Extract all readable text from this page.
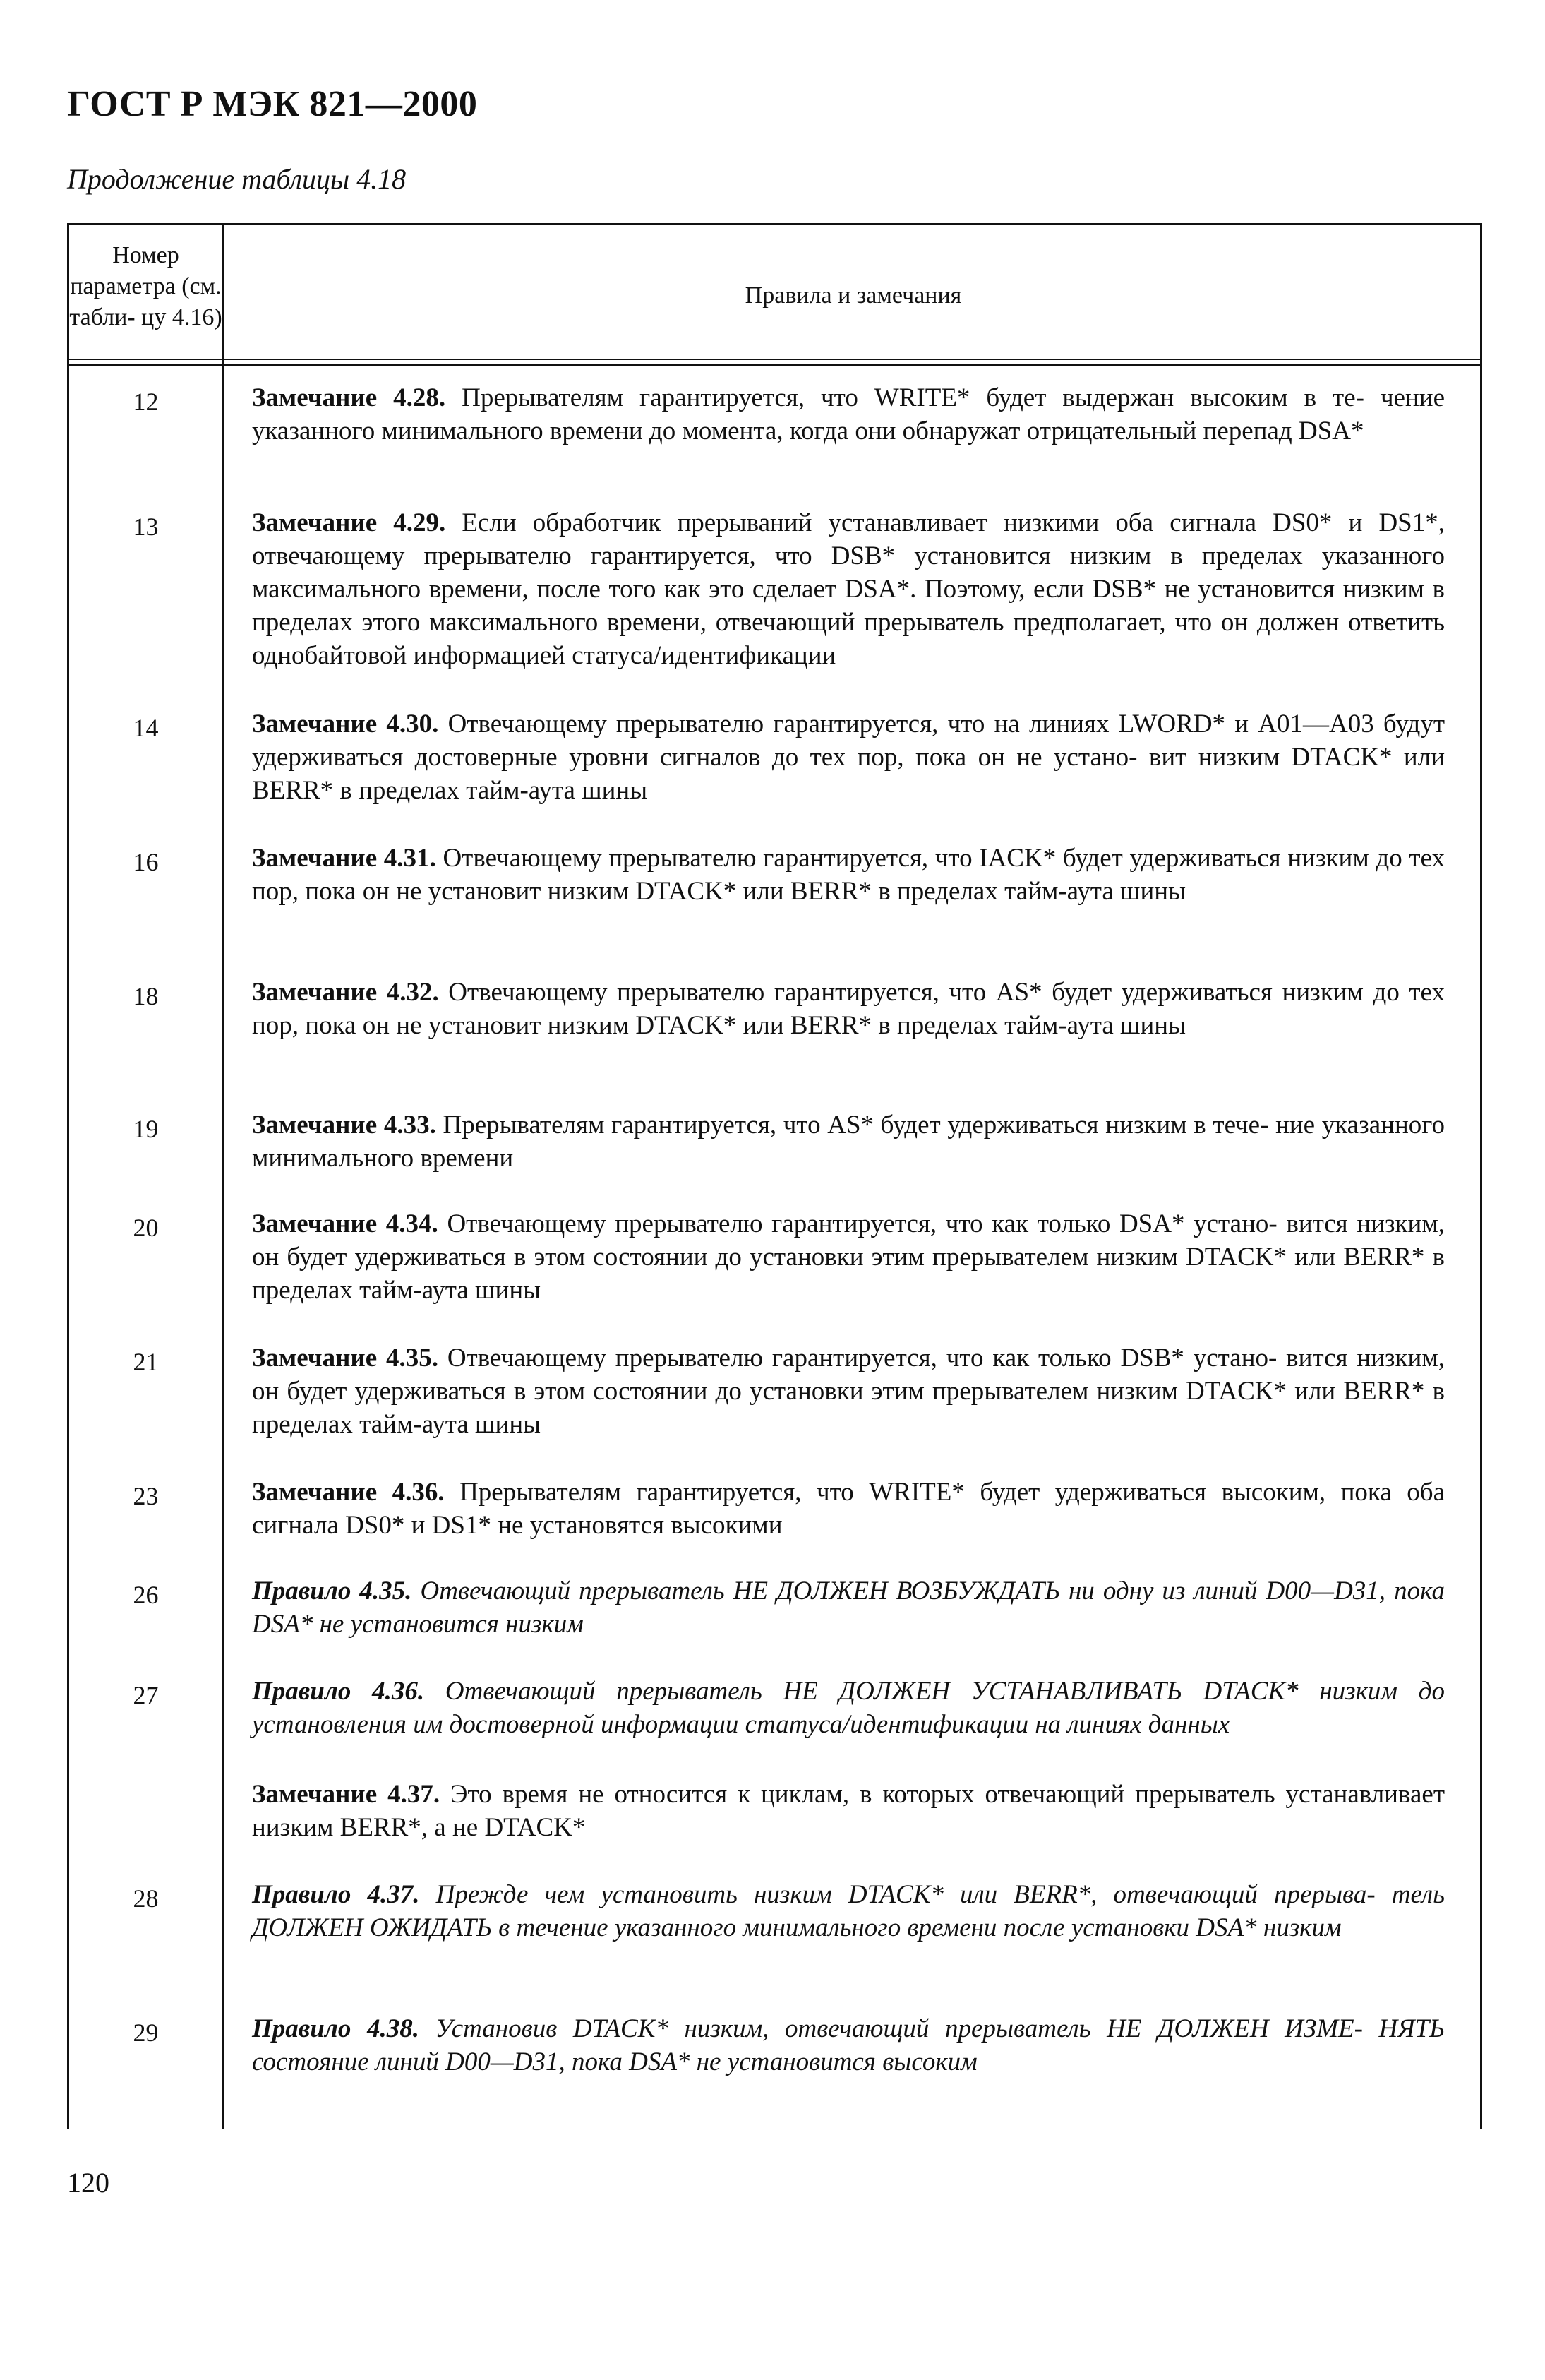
ГОСТ Р МЭК 821—2000
Продолжение таблицы 4.18
Номер параметра (см. табли- цу 4.16)
Правила и замечания
12	Замечание 4.28. Прерывателям гарантируется, что WRITE* будет выдержан высоким в те- чение указанного минимального времени до момента, когда они обнаружат отрицательный перепад DSA*
13	Замечание 4.29. Если обработчик прерываний устанавливает низкими оба сигнала DS0* и DS1*, отвечающему прерывателю гарантируется, что DSB* установится низким в пределах указанного максимального времени, после того как это сделает DSA*. Поэтому, если DSB* не установится низким в пределах этого максимального времени, отвечающий прерыватель предполагает, что он должен ответить однобайтовой информацией статуса/идентификации
14	Замечание 4.30. Отвечающему прерывателю гарантируется, что на линиях LWORD* и A01—A03 будут удерживаться достоверные уровни сигналов до тех пор, пока он не устано- вит низким DTACK* или BERR* в пределах тайм-аута шины
16	Замечание 4.31. Отвечающему прерывателю гарантируется, что IACK* будет удерживаться низким до тех пор, пока он не установит низким DTACK* или BERR* в пределах тайм-аута шины
18	Замечание 4.32. Отвечающему прерывателю гарантируется, что AS* будет удерживаться низким до тех пор, пока он не установит низким DTACK* или BERR* в пределах тайм-аута шины
19	Замечание 4.33. Прерывателям гарантируется, что AS* будет удерживаться низким в тече- ние указанного минимального времени
20	Замечание 4.34. Отвечающему прерывателю гарантируется, что как только DSA* устано- вится низким, он будет удерживаться в этом состоянии до установки этим прерывателем низким DTACK* или BERR* в пределах тайм-аута шины
21	Замечание 4.35. Отвечающему прерывателю гарантируется, что как только DSB* устано- вится низким, он будет удерживаться в этом состоянии до установки этим прерывателем низким DTACK* или BERR* в пределах тайм-аута шины
23	Замечание 4.36. Прерывателям гарантируется, что WRITE* будет удерживаться высоким, пока оба сигнала DS0* и DS1* не установятся высокими
26	Правило 4.35. Отвечающий прерыватель НЕ ДОЛЖЕН ВОЗБУЖДАТЬ ни одну из линий D00—D31, пока DSA* не установится низким
27	Правило 4.36. Отвечающий прерыватель НЕ ДОЛЖЕН УСТАНАВЛИВАТЬ DTACK* низким до установления им достоверной информации статуса/идентификации на линиях данных
Замечание 4.37. Это время не относится к циклам, в которых отвечающий прерыватель устанавливает низким BERR*, а не DTACK*
28	Правило 4.37. Прежде чем установить низким DTACK* или BERR*, отвечающий прерыва- тель ДОЛЖЕН ОЖИДАТЬ в течение указанного минимального времени после установки DSA* низким
29	Правило 4.38. Установив DTACK* низким, отвечающий прерыватель НЕ ДОЛЖЕН ИЗМЕ- НЯТЬ состояние линий D00—D31, пока DSA* не установится высоким
120
